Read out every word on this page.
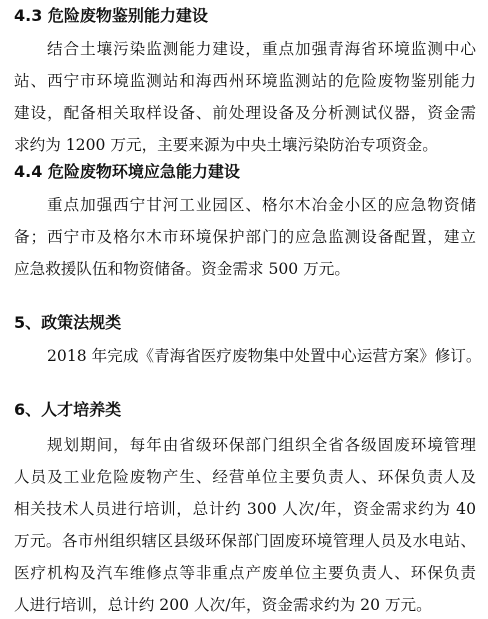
4.3 危险废物鉴别能力建设
结合土壤污染监测能力建设，重点加强青海省环境监测中心
站、西宁市环境监测站和海西州环境监测站的危险废物鉴别能力
建设，配备相关取样设备、前处理设备及分析测试仪器，资金需
求约为 1200 万元，主要来源为中央土壤污染防治专项资金。
4.4 危险废物环境应急能力建设
重点加强西宁甘河工业园区、格尔木冶金小区的应急物资储
备；西宁市及格尔木市环境保护部门的应急监测设备配置，建立
应急救援队伍和物资储备。资金需求 500 万元。
5、政策法规类
2018 年完成《青海省医疗废物集中处置中心运营方案》修订。
6、人才培养类
规划期间，每年由省级环保部门组织全省各级固废环境管理
人员及工业危险废物产生、经营单位主要负责人、环保负责人及
相关技术人员进行培训，总计约 300 人次/年，资金需求约为 40
万元。各市州组织辖区县级环保部门固废环境管理人员及水电站、
医疗机构及汽车维修点等非重点产废单位主要负责人、环保负责
人进行培训，总计约 200 人次/年，资金需求约为 20 万元。
